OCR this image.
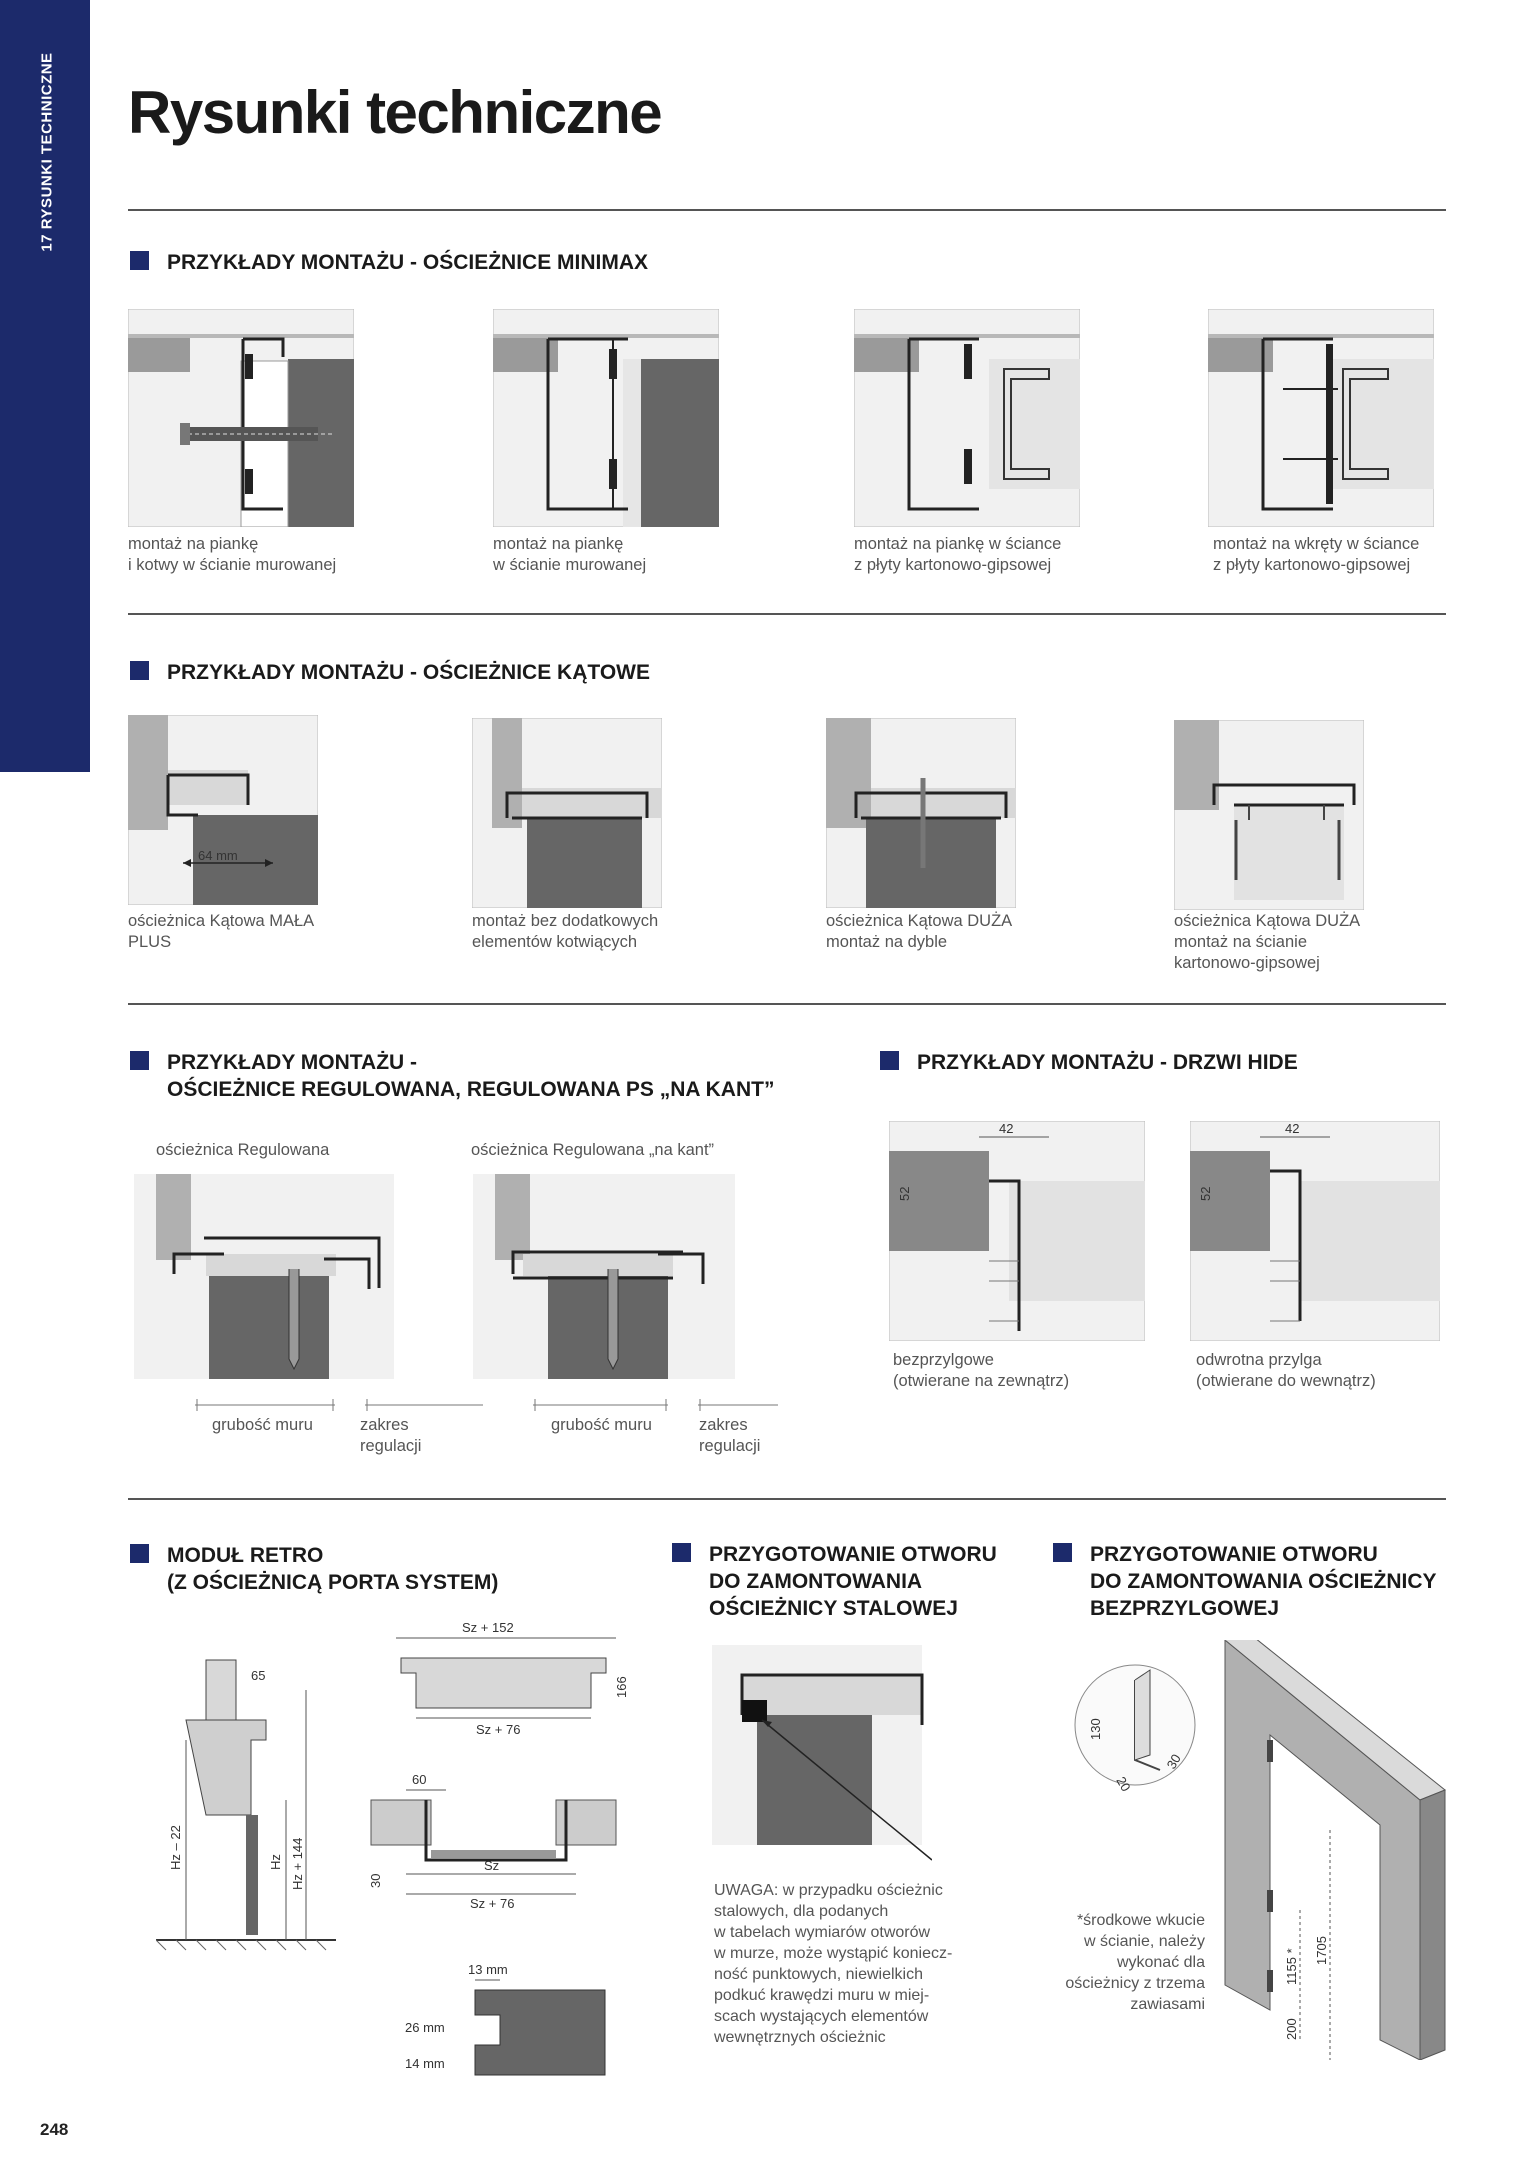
17 RYSUNKI TECHNICZNE Rysunki techniczne
PRZYKŁADY MONTAŻU - OŚCIEŻNICE MINIMAX
montaż na piankę
i kotwy w ścianie murowanej
montaż na piankę
w ścianie murowanej
montaż na piankę w ściance
z płyty kartonowo-gipsowej
montaż na wkręty w ściance
z płyty kartonowo-gipsowej
PRZYKŁADY MONTAŻU - OŚCIEŻNICE KĄTOWE
64 mm
ościeżnica Kątowa MAŁA
PLUS
montaż bez dodatkowych
elementów kotwiących
ościeżnica Kątowa DUŻA
montaż na dyble
ościeżnica Kątowa DUŻA
montaż na ścianie
kartonowo-gipsowej
PRZYKŁADY MONTAŻU -
OŚCIEŻNICE REGULOWANA, REGULOWANA PS „NA KANT”
ościeżnica Regulowana	ościeżnica Regulowana „na kant”
grubość muru	zakres
regulacji
grubość muru	zakres
regulacji
PRZYKŁADY MONTAŻU - DRZWI HIDE
42
52
bezprzylgowe
(otwierane na zewnątrz)
42
52
odwrotna przylga
(otwierane do wewnątrz)
MODUŁ RETRO
(Z OŚCIEŻNICĄ PORTA SYSTEM)
65
Hz – 22	Hz Hz + 144
Sz + 152
166
Sz + 76
60
30
Sz
Sz + 76
13 mm
26 mm
14 mm
PRZYGOTOWANIE OTWORU
DO ZAMONTOWANIA
OŚCIEŻNICY STALOWEJ
UWAGA: w przypadku ościeżnic
stalowych, dla podanych
w tabelach wymiarów otworów
w murze, może wystąpić koniecz-
ność punktowych, niewielkich
podkuć krawędzi muru w miej-
scach wystających elementów
wewnętrznych ościeżnic
PRZYGOTOWANIE OTWORU
DO ZAMONTOWANIA OŚCIEŻNICY
BEZPRZYLGOWEJ
130
20
30
1705
1155 *
200
*środkowe wkucie
w ścianie, należy
wykonać dla
ościeżnicy z trzema
zawiasami
248
